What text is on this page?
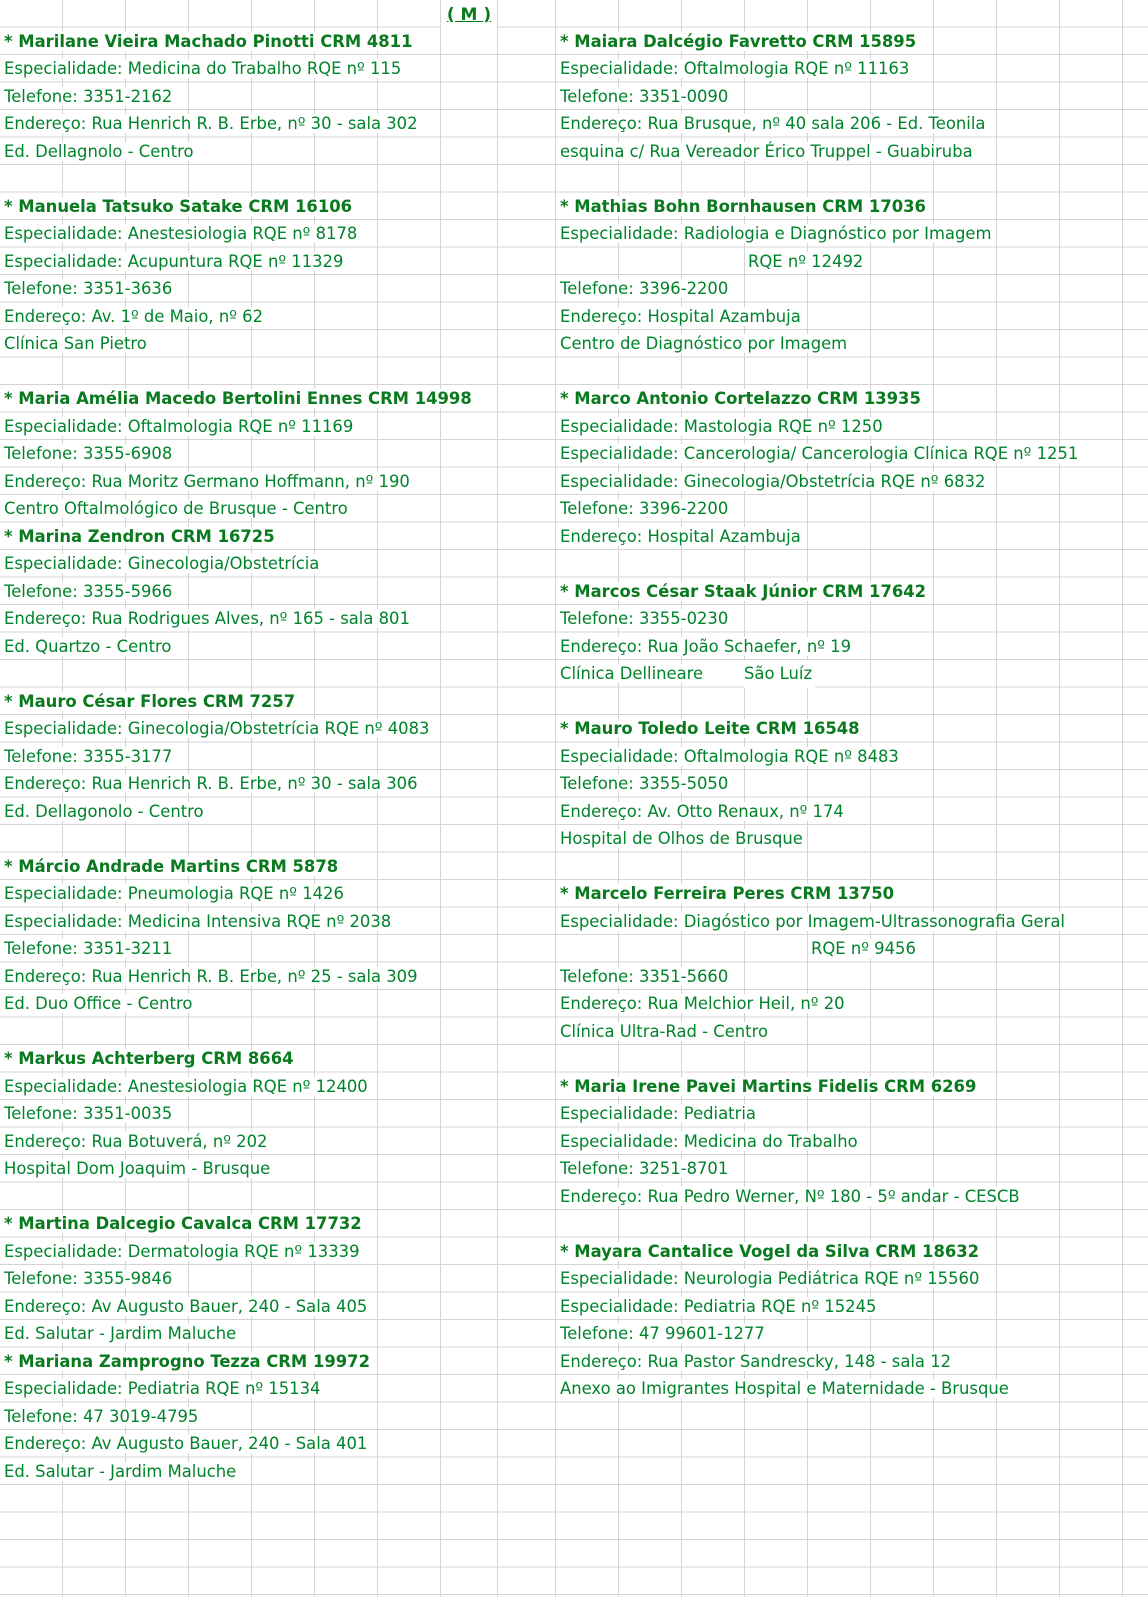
( M )
* Marilane Vieira Machado Pinotti CRM 4811
Especialidade: Medicina do Trabalho RQE nº 115
Telefone: 3351-2162
Endereço: Rua Henrich R. B. Erbe, nº 30 - sala 302
Ed. Dellagnolo - Centro
* Manuela Tatsuko Satake CRM 16106
Especialidade: Anestesiologia RQE nº 8178
Especialidade: Acupuntura RQE nº 11329
Telefone: 3351-3636
Endereço: Av. 1º de Maio, nº 62
Clínica San Pietro
* Maria Amélia Macedo Bertolini Ennes CRM 14998
Especialidade: Oftalmologia RQE nº 11169
Telefone: 3355-6908
Endereço: Rua Moritz Germano Hoffmann, nº 190
Centro Oftalmológico de Brusque - Centro
* Marina Zendron CRM 16725
Especialidade: Ginecologia/Obstetrícia
Telefone: 3355-5966
Endereço: Rua Rodrigues Alves, nº 165 - sala 801
Ed. Quartzo - Centro
* Mauro César Flores CRM 7257
Especialidade: Ginecologia/Obstetrícia RQE nº 4083
Telefone: 3355-3177
Endereço: Rua Henrich R. B. Erbe, nº 30 - sala 306
Ed. Dellagonolo - Centro
* Márcio Andrade Martins CRM 5878
Especialidade: Pneumologia RQE nº 1426
Especialidade: Medicina Intensiva RQE nº 2038
Telefone: 3351-3211
Endereço: Rua Henrich R. B. Erbe, nº 25 - sala 309
Ed. Duo Office - Centro
* Markus Achterberg CRM 8664
Especialidade: Anestesiologia RQE nº 12400
Telefone: 3351-0035
Endereço: Rua Botuverá, nº 202
Hospital Dom Joaquim - Brusque
* Martina Dalcegio Cavalca CRM 17732
Especialidade: Dermatologia RQE nº 13339
Telefone: 3355-9846
Endereço: Av Augusto Bauer, 240 - Sala 405
Ed. Salutar - Jardim Maluche
* Mariana Zamprogno Tezza CRM 19972
Especialidade: Pediatria RQE nº 15134
Telefone: 47 3019-4795
Endereço: Av Augusto Bauer, 240 - Sala 401
Ed. Salutar - Jardim Maluche
* Maiara Dalcégio Favretto CRM 15895
Especialidade: Oftalmologia RQE nº 11163
Telefone: 3351-0090
Endereço: Rua Brusque, nº 40 sala 206 - Ed. Teonila
esquina c/ Rua Vereador Érico Truppel - Guabiruba
* Mathias Bohn Bornhausen CRM 17036
Especialidade: Radiologia e Diagnóstico por Imagem
RQE nº 12492
Telefone: 3396-2200
Endereço: Hospital Azambuja
Centro de Diagnóstico por Imagem
* Marco Antonio Cortelazzo CRM 13935
Especialidade: Mastologia RQE nº 1250
Especialidade: Cancerologia/ Cancerologia Clínica RQE nº 1251
Especialidade: Ginecologia/Obstetrícia RQE nº 6832
Telefone: 3396-2200
Endereço: Hospital Azambuja
* Marcos César Staak Júnior CRM 17642
Telefone: 3355-0230
Endereço: Rua João Schaefer, nº 19
Clínica Dellineare São Luíz
* Mauro Toledo Leite CRM 16548
Especialidade: Oftalmologia RQE nº 8483
Telefone: 3355-5050
Endereço: Av. Otto Renaux, nº 174
Hospital de Olhos de Brusque
* Marcelo Ferreira Peres CRM 13750
Especialidade: Diagóstico por Imagem-Ultrassonografia Geral
RQE nº 9456
Telefone: 3351-5660
Endereço: Rua Melchior Heil, nº 20
Clínica Ultra-Rad - Centro
* Maria Irene Pavei Martins Fidelis CRM 6269
Especialidade: Pediatria
Especialidade: Medicina do Trabalho
Telefone: 3251-8701
Endereço: Rua Pedro Werner, Nº 180 - 5º andar - CESCB
* Mayara Cantalice Vogel da Silva CRM 18632
Especialidade: Neurologia Pediátrica RQE nº 15560
Especialidade: Pediatria RQE nº 15245
Telefone: 47 99601-1277
Endereço: Rua Pastor Sandrescky, 148 - sala 12
Anexo ao Imigrantes Hospital e Maternidade - Brusque
